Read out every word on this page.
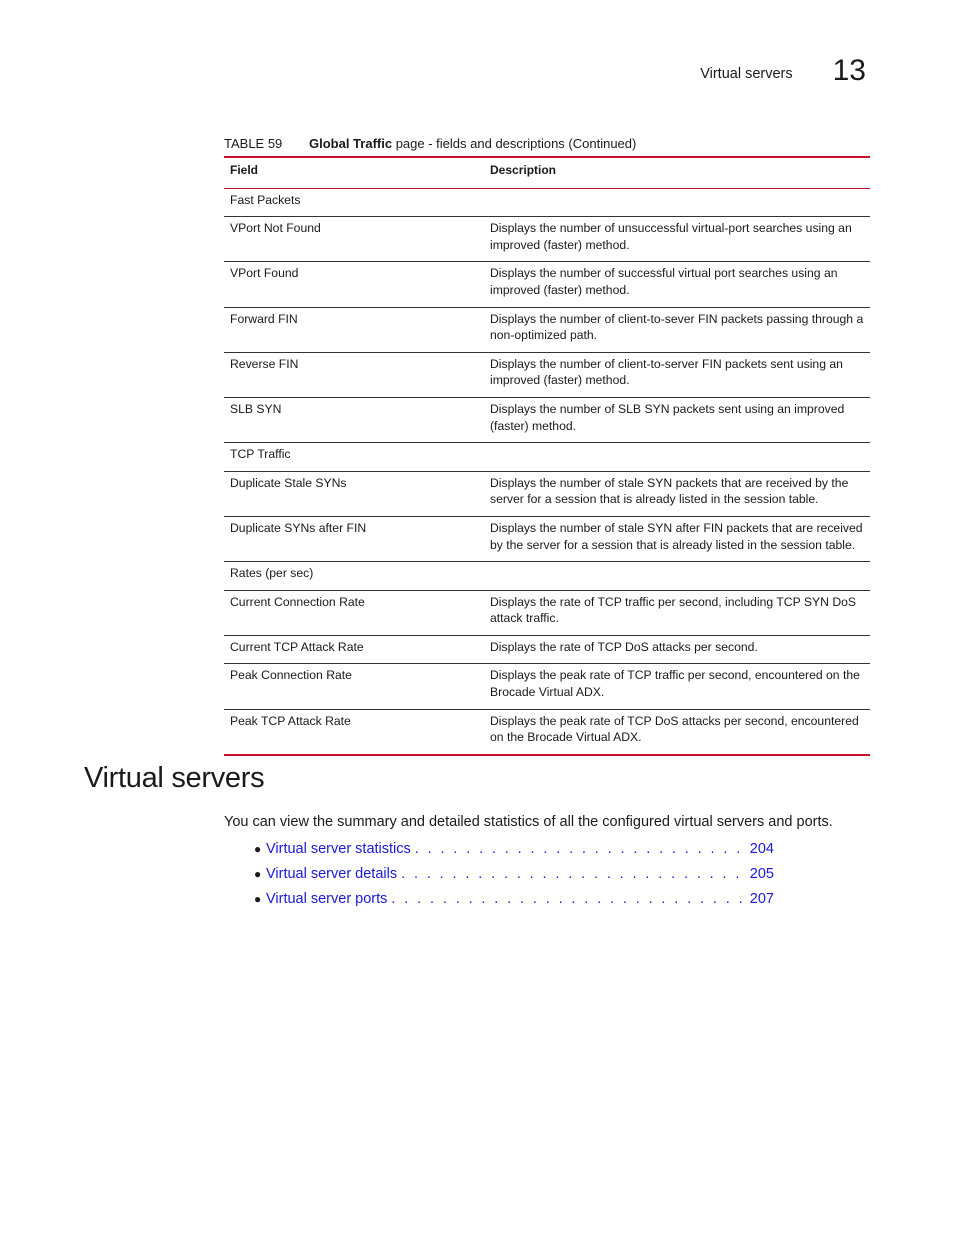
Virtual servers 13
TABLE 59	Global Traffic
page - fields and descriptions (Continued)
Field	Description
Fast Packets	
VPort Not Found	Displays the number of unsuccessful virtual-port searches using an improved (faster) method.
VPort Found	Displays the number of successful virtual port searches using an improved (faster) method.
Forward FIN	Displays the number of client-to-sever FIN packets passing through a non-optimized path.
Reverse FIN	Displays the number of client-to-server FIN packets sent using an improved (faster) method.
SLB SYN	Displays the number of SLB SYN packets sent using an improved (faster) method.
TCP Traffic	
Duplicate Stale SYNs	Displays the number of stale SYN packets that are received by the server for a session that is already listed in the session table.
Duplicate SYNs after FIN	Displays the number of stale SYN after FIN packets that are received by the server for a session that is already listed in the session table.
Rates (per sec)	
Current Connection Rate	Displays the rate of TCP traffic per second, including TCP SYN DoS attack traffic.
Current TCP Attack Rate	Displays the rate of TCP DoS attacks per second.
Peak Connection Rate	Displays the peak rate of TCP traffic per second, encountered on the Brocade Virtual ADX.
Peak TCP Attack Rate	Displays the peak rate of TCP DoS attacks per second, encountered on the Brocade Virtual ADX.
Virtual servers

You can view the summary and detailed statistics of all the configured virtual servers and ports.

● Virtual server statistics . . .	204
● Virtual server details . . .	205
● Virtual server ports . . .	207
